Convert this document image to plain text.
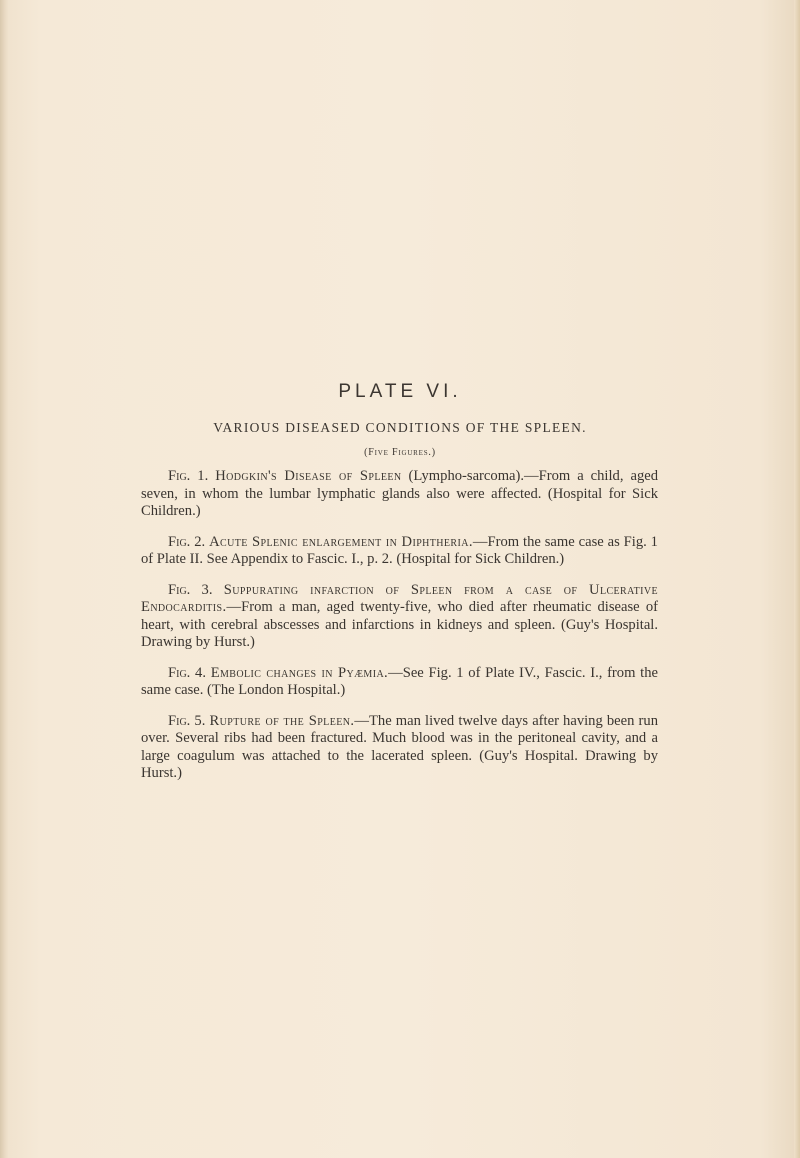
PLATE VI.
VARIOUS DISEASED CONDITIONS OF THE SPLEEN.
(Five Figures.)

Fig. 1. Hodgkin's Disease of Spleen (Lympho-sarcoma).—From a child, aged seven, in whom the lumbar lymphatic glands also were affected. (Hospital for Sick Children.)

Fig. 2. Acute Splenic enlargement in Diphtheria.—From the same case as Fig. 1 of Plate II. See Appendix to Fascic. I., p. 2. (Hospital for Sick Children.)

Fig. 3. Suppurating infarction of Spleen from a case of Ulcerative Endocarditis.—From a man, aged twenty-five, who died after rheumatic disease of heart, with cerebral abscesses and infarctions in kidneys and spleen. (Guy's Hospital. Drawing by Hurst.)

Fig. 4. Embolic changes in Pyæmia.—See Fig. 1 of Plate IV., Fascic. I., from the same case. (The London Hospital.)

Fig. 5. Rupture of the Spleen.—The man lived twelve days after having been run over. Several ribs had been fractured. Much blood was in the peritoneal cavity, and a large coagulum was attached to the lacerated spleen. (Guy's Hospital. Drawing by Hurst.)
